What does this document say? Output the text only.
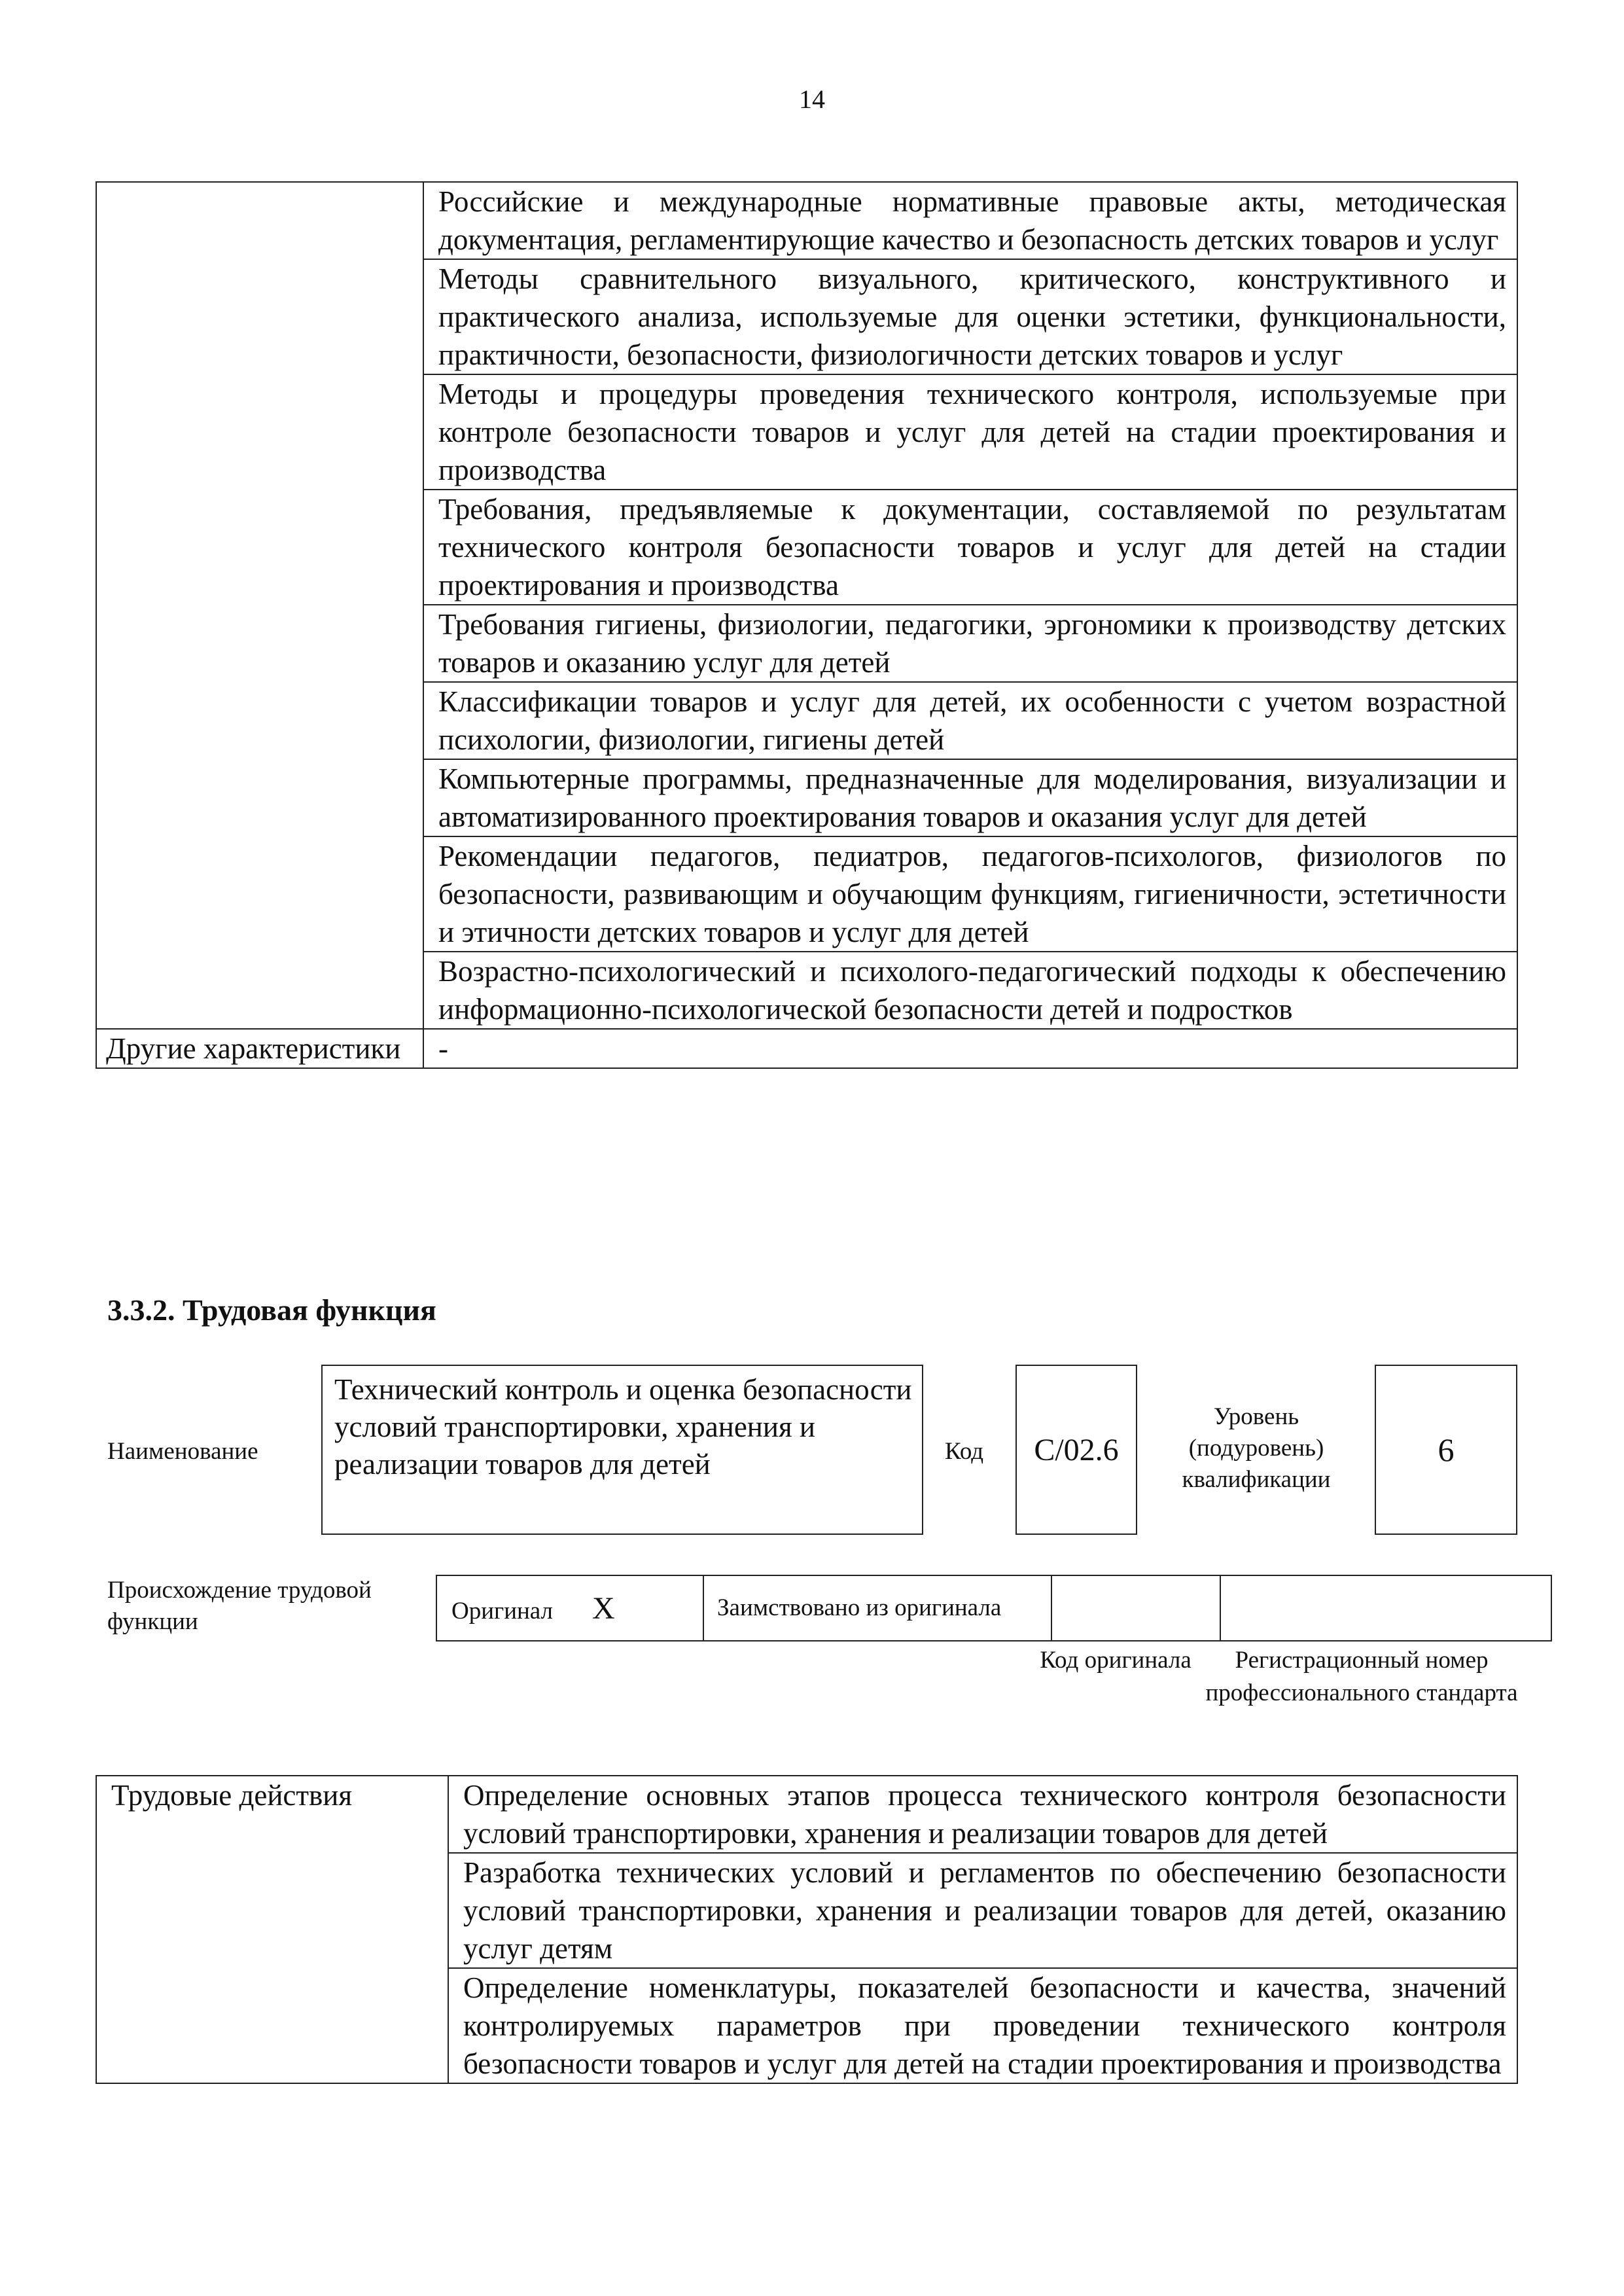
14
	Российские и международные нормативные правовые акты, методическая документация, регламентирующие качество и безопасность детских товаров и услуг
	Методы сравнительного визуального, критического, конструктивного и практического анализа, используемые для оценки эстетики, функциональности, практичности, безопасности, физиологичности детских товаров и услуг
	Методы и процедуры проведения технического контроля, используемые при контроле безопасности товаров и услуг для детей на стадии проектирования и производства
	Требования, предъявляемые к документации, составляемой по результатам технического контроля безопасности товаров и услуг для детей на стадии проектирования и производства
	Требования гигиены, физиологии, педагогики, эргономики к производству детских товаров и оказанию услуг для детей
	Классификации товаров и услуг для детей, их особенности с учетом возрастной психологии, физиологии, гигиены детей
	Компьютерные программы, предназначенные для моделирования, визуализации и автоматизированного проектирования товаров и оказания услуг для детей
	Рекомендации педагогов, педиатров, педагогов-психологов, физиологов по безопасности, развивающим и обучающим функциям, гигиеничности, эстетичности и этичности детских товаров и услуг для детей
	Возрастно-психологический и психолого-педагогический подходы к обеспечению информационно-психологической безопасности детей и подростков
Другие характеристики	-
3.3.2. Трудовая функция
Наименование
Технический контроль и оценка безопасности условий транспортировки, хранения и реализации товаров для детей	Код	C/02.6
Уровень (подуровень) квалификации
6
Происхождение трудовой функции	Оригинал X	Заимствовано из оригинала		
Код оригинала	Регистрационный номер профессионального стандарта
Трудовые действия	Определение основных этапов процесса технического контроля безопасности условий транспортировки, хранения и реализации товаров для детей
Разработка технических условий и регламентов по обеспечению безопасности условий транспортировки, хранения и реализации товаров для детей, оказанию услуг детям
Определение номенклатуры, показателей безопасности и качества, значений контролируемых параметров при проведении технического контроля безопасности товаров и услуг для детей на стадии проектирования и производства
